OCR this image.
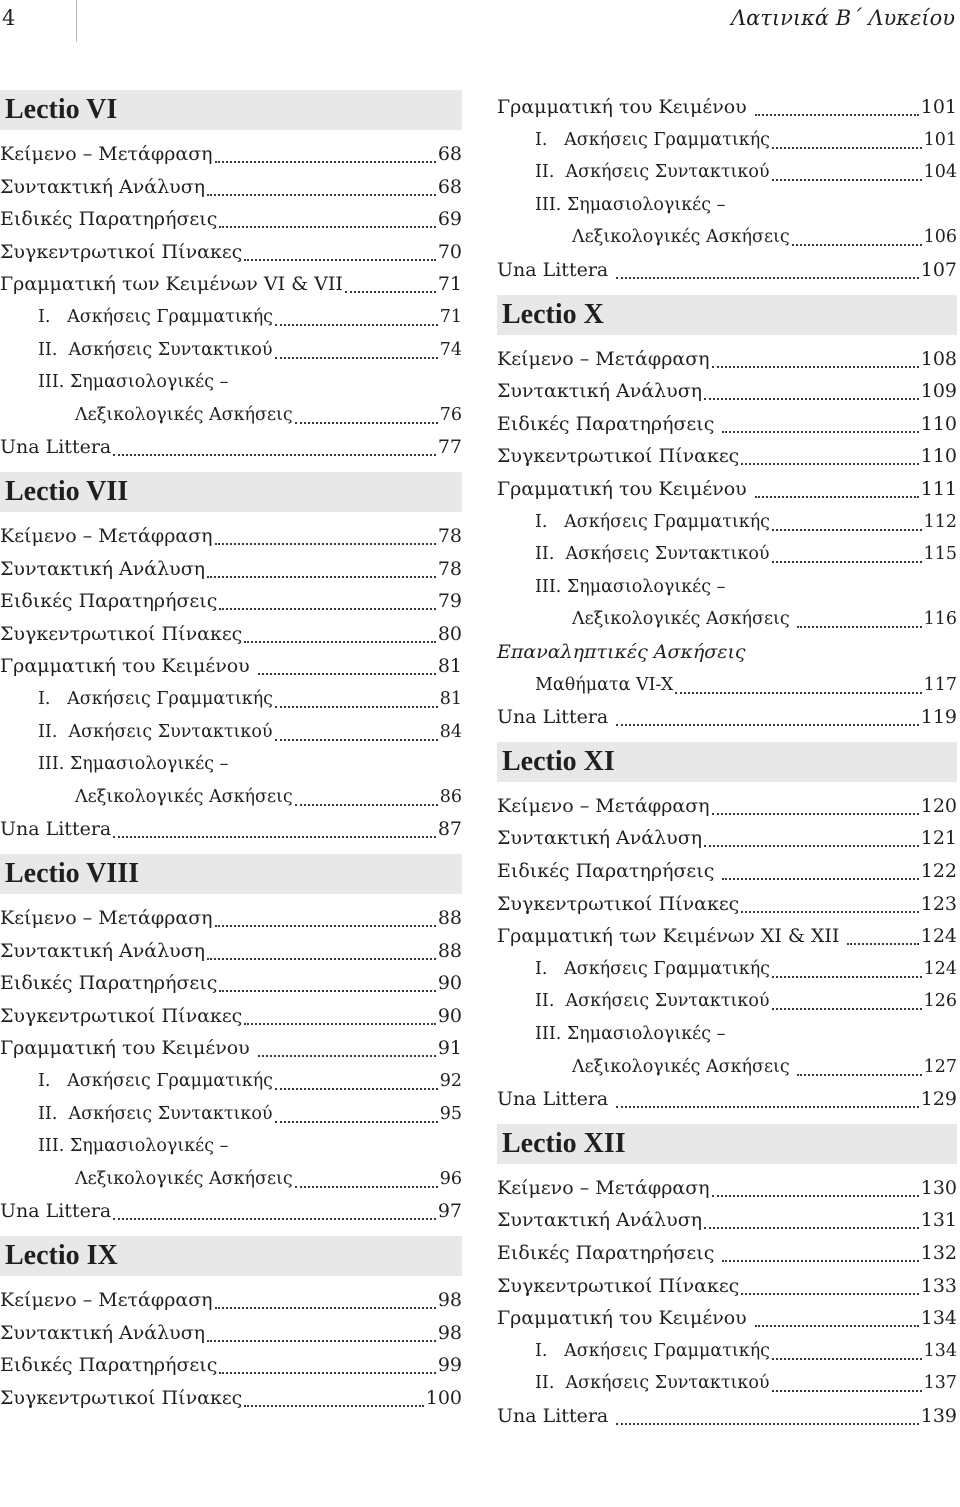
4	Λατινικά Β΄ Λυκείου
Lectio VI
Κείμενο – Μετάφραση	68
Συντακτική Ανάλυση	68
Ειδικές Παρατηρήσεις	69
Συγκεντρωτικοί Πίνακες	70
Γραμματική των Κειμένων VI & VII	71
I.   Ασκήσεις Γραμματικής	71
II.  Ασκήσεις Συντακτικού	74
III. Σημασιολογικές –
Λεξικολογικές Ασκήσεις	76
Una Littera	77
Lectio VII
Κείμενο – Μετάφραση	78
Συντακτική Ανάλυση	78
Ειδικές Παρατηρήσεις	79
Συγκεντρωτικοί Πίνακες	80
Γραμματική του Κειμένου	81
I.   Ασκήσεις Γραμματικής	81
II.  Ασκήσεις Συντακτικού	84
III. Σημασιολογικές –
Λεξικολογικές Ασκήσεις	86
Una Littera	87
Lectio VIII
Κείμενο – Μετάφραση	88
Συντακτική Ανάλυση	88
Ειδικές Παρατηρήσεις	90
Συγκεντρωτικοί Πίνακες	90
Γραμματική του Κειμένου	91
I.   Ασκήσεις Γραμματικής	92
II.  Ασκήσεις Συντακτικού	95
III. Σημασιολογικές –
Λεξικολογικές Ασκήσεις	96
Una Littera	97
Lectio IX
Κείμενο – Μετάφραση	98
Συντακτική Ανάλυση	98
Ειδικές Παρατηρήσεις	99
Συγκεντρωτικοί Πίνακες	100
Γραμματική του Κειμένου	101
I.   Ασκήσεις Γραμματικής	101
II.  Ασκήσεις Συντακτικού	104
III. Σημασιολογικές –
Λεξικολογικές Ασκήσεις	106
Una Littera	107
Lectio X
Κείμενο – Μετάφραση	108
Συντακτική Ανάλυση	109
Ειδικές Παρατηρήσεις	110
Συγκεντρωτικοί Πίνακες	110
Γραμματική του Κειμένου	111
I.   Ασκήσεις Γραμματικής	112
II.  Ασκήσεις Συντακτικού	115
III. Σημασιολογικές –
Λεξικολογικές Ασκήσεις	116
Επαναληπτικές Ασκήσεις
Μαθήματα VI-X	117
Una Littera	119
Lectio XI
Κείμενο – Μετάφραση	120
Συντακτική Ανάλυση	121
Ειδικές Παρατηρήσεις	122
Συγκεντρωτικοί Πίνακες	123
Γραμματική των Κειμένων XI & XII	124
I.   Ασκήσεις Γραμματικής	124
II.  Ασκήσεις Συντακτικού	126
III. Σημασιολογικές –
Λεξικολογικές Ασκήσεις	127
Una Littera	129
Lectio XII
Κείμενο – Μετάφραση	130
Συντακτική Ανάλυση	131
Ειδικές Παρατηρήσεις	132
Συγκεντρωτικοί Πίνακες	133
Γραμματική του Κειμένου	134
I.   Ασκήσεις Γραμματικής	134
II.  Ασκήσεις Συντακτικού	137
Una Littera	139
